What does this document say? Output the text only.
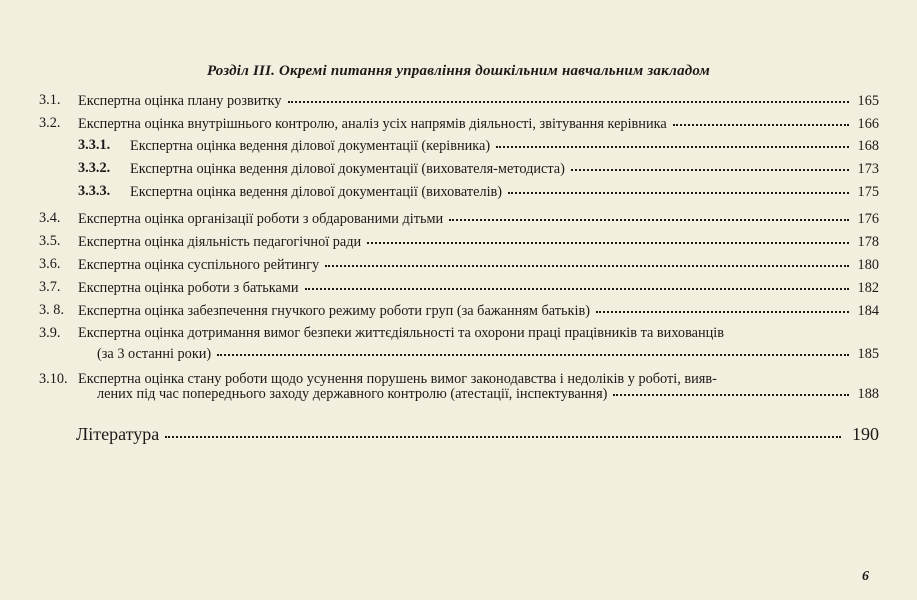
Розділ III. Окремі питання управління дошкільним навчальним закладом
3.1. Експертна оцінка плану розвитку	165
3.2. Експертна оцінка внутрішнього контролю, аналіз усіх напрямів діяльності, звітування керівника	166
3.3.1. Експертна оцінка ведення ділової документації (керівника)	168
3.3.2. Експертна оцінка ведення ділової документації (вихователя-методиста)	173
3.3.3. Експертна оцінка ведення ділової документації (вихователів)	175
3.4. Експертна оцінка організації роботи з обдарованими дітьми	176
3.5. Експертна оцінка діяльність педагогічної ради	178
3.6. Експертна оцінка суспільного рейтингу	180
3.7. Експертна оцінка роботи з батьками	182
3. 8. Експертна оцінка забезпечення гнучкого режиму роботи груп (за бажанням батьків)	184
3.9. Експертна оцінка дотримання вимог безпеки життєдіяльності та охорони праці працівників та вихованців
(за 3 останні роки)	185
3.10. Експертна оцінка стану роботи щодо усунення порушень вимог законодавства і недоліків у роботі, вияв-
лених під час попереднього заходу державного контролю (атестації, інспектування)	188
Література	190
6
